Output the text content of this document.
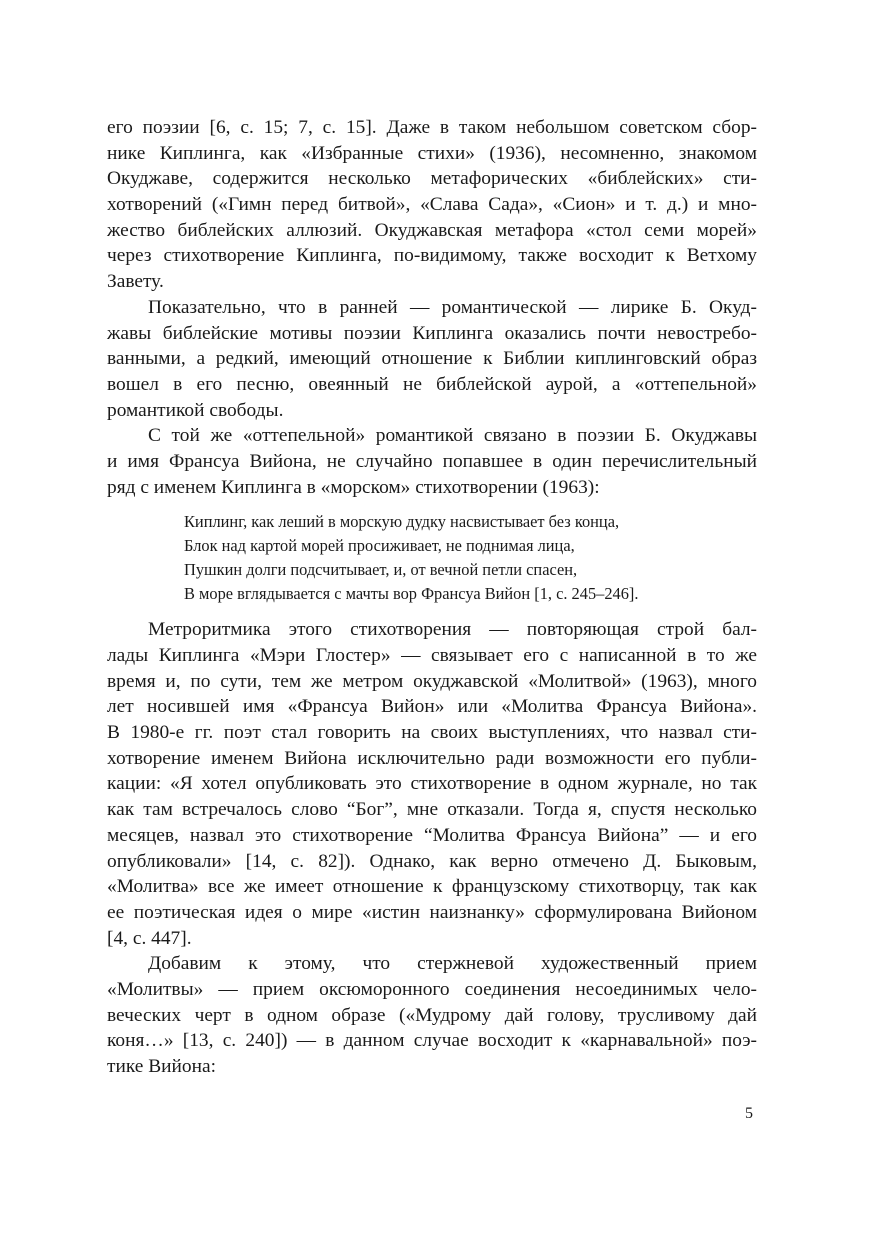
его поэзии [6, с. 15; 7, с. 15]. Даже в таком небольшом советском сбор-
нике Киплинга, как «Избранные стихи» (1936), несомненно, знакомом
Окуджаве, содержится несколько метафорических «библейских» сти-
хотворений («Гимн перед битвой», «Слава Сада», «Сион» и т. д.) и мно-
жество библейских аллюзий. Окуджавская метафора «стол семи морей»
через стихотворение Киплинга, по-видимому, также восходит к Ветхому
Завету.
Показательно, что в ранней — романтической — лирике Б. Окуд-
жавы библейские мотивы поэзии Киплинга оказались почти невостребо-
ванными, а редкий, имеющий отношение к Библии киплинговский образ
вошел в его песню, овеянный не библейской аурой, а «оттепельной»
романтикой свободы.
С той же «оттепельной» романтикой связано в поэзии Б. Окуджавы
и имя Франсуа Вийона, не случайно попавшее в один перечислительный
ряд с именем Киплинга в «морском» стихотворении (1963):
Киплинг, как леший в морскую дудку насвистывает без конца,
Блок над картой морей просиживает, не поднимая лица,
Пушкин долги подсчитывает, и, от вечной петли спасен,
В море вглядывается с мачты вор Франсуа Вийон [1, с. 245–246].
Метроритмика этого стихотворения — повторяющая строй бал-
лады Киплинга «Мэри Глостер» — связывает его с написанной в то же
время и, по сути, тем же метром окуджавской «Молитвой» (1963), много
лет носившей имя «Франсуа Вийон» или «Молитва Франсуа Вийона».
В 1980-е гг. поэт стал говорить на своих выступлениях, что назвал сти-
хотворение именем Вийона исключительно ради возможности его публи-
кации: «Я хотел опубликовать это стихотворение в одном журнале, но так
как там встречалось слово “Бог”, мне отказали. Тогда я, спустя несколько
месяцев, назвал это стихотворение “Молитва Франсуа Вийона” — и его
опубликовали» [14, с. 82]). Однако, как верно отмечено Д. Быковым,
«Молитва» все же имеет отношение к французскому стихотворцу, так как
ее поэтическая идея о мире «истин наизнанку» сформулирована Вийоном
[4, с. 447].
Добавим к этому, что стержневой художественный прием
«Молитвы» — прием оксюморонного соединения несоединимых чело-
веческих черт в одном образе («Мудрому дай голову, трусливому дай
коня…» [13, с. 240]) — в данном случае восходит к «карнавальной» поэ-
тике Вийона:
5
